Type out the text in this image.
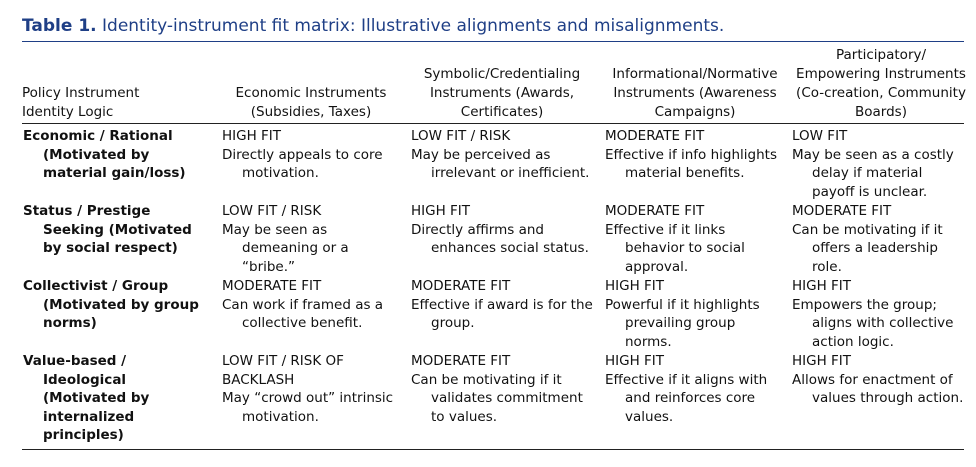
Table 1. Identity-instrument fit matrix: Illustrative alignments and misalignments.
Policy Instrument
Identity Logic
Economic Instruments
(Subsidies, Taxes)
Symbolic/Credentialing
Instruments (Awards,
Certificates)
Informational/Normative
Instruments (Awareness
Campaigns)
Participatory/
Empowering Instruments
(Co-creation, Community
Boards)
Economic / Rational (Motivated by material gain/loss)
HIGH FIT
Directly appeals to core motivation.
LOW FIT / RISK
May be perceived as irrelevant or inefficient.
MODERATE FIT
Effective if info highlights material benefits.
LOW FIT
May be seen as a costly delay if material payoff is unclear.
Status / Prestige Seeking (Motivated by social respect)
LOW FIT / RISK
May be seen as demeaning or a “bribe.”
HIGH FIT
Directly affirms and enhances social status.
MODERATE FIT
Effective if it links behavior to social approval.
MODERATE FIT
Can be motivating if it offers a leadership role.
Collectivist / Group (Motivated by group norms)
MODERATE FIT
Can work if framed as a collective benefit.
MODERATE FIT
Effective if award is for the group.
HIGH FIT
Powerful if it highlights prevailing group norms.
HIGH FIT
Empowers the group; aligns with collective action logic.
Value-based / Ideological (Motivated by internalized principles)
LOW FIT / RISK OF BACKLASH
May “crowd out” intrinsic motivation.
MODERATE FIT
Can be motivating if it validates commitment to values.
HIGH FIT
Effective if it aligns with and reinforces core values.
HIGH FIT
Allows for enactment of values through action.
